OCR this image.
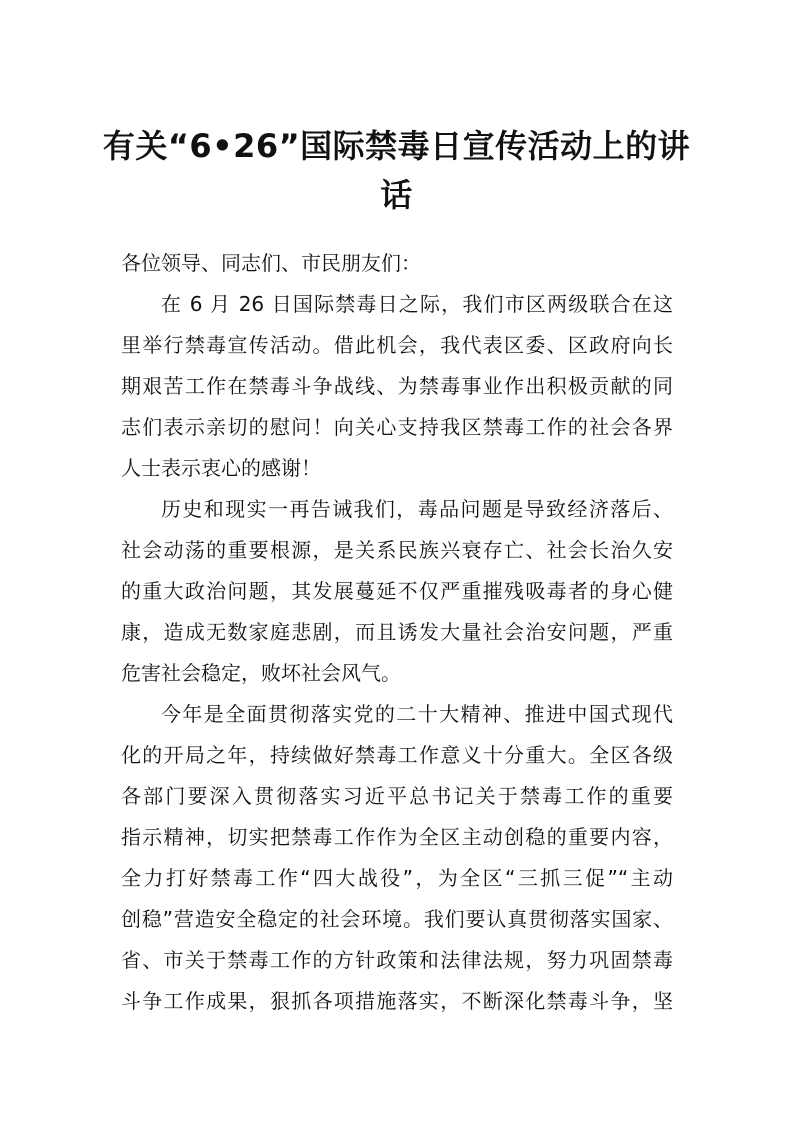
有关“6•26”国际禁毒日宣传活动上的讲
话
各位领导、同志们、市民朋友们：
在 6 月 26 日国际禁毒日之际，我们市区两级联合在这
里举行禁毒宣传活动。借此机会，我代表区委、区政府向长
期艰苦工作在禁毒斗争战线、为禁毒事业作出积极贡献的同
志们表示亲切的慰问！向关心支持我区禁毒工作的社会各界
人士表示衷心的感谢！
历史和现实一再告诫我们，毒品问题是导致经济落后、
社会动荡的重要根源，是关系民族兴衰存亡、社会长治久安
的重大政治问题，其发展蔓延不仅严重摧残吸毒者的身心健
康，造成无数家庭悲剧，而且诱发大量社会治安问题，严重
危害社会稳定，败坏社会风气。
今年是全面贯彻落实党的二十大精神、推进中国式现代
化的开局之年，持续做好禁毒工作意义十分重大。全区各级
各部门要深入贯彻落实习近平总书记关于禁毒工作的重要
指示精神，切实把禁毒工作作为全区主动创稳的重要内容，
全力打好禁毒工作“四大战役”，为全区“三抓三促”“主动
创稳”营造安全稳定的社会环境。我们要认真贯彻落实国家、
省、市关于禁毒工作的方针政策和法律法规，努力巩固禁毒
斗争工作成果，狠抓各项措施落实，不断深化禁毒斗争，坚
